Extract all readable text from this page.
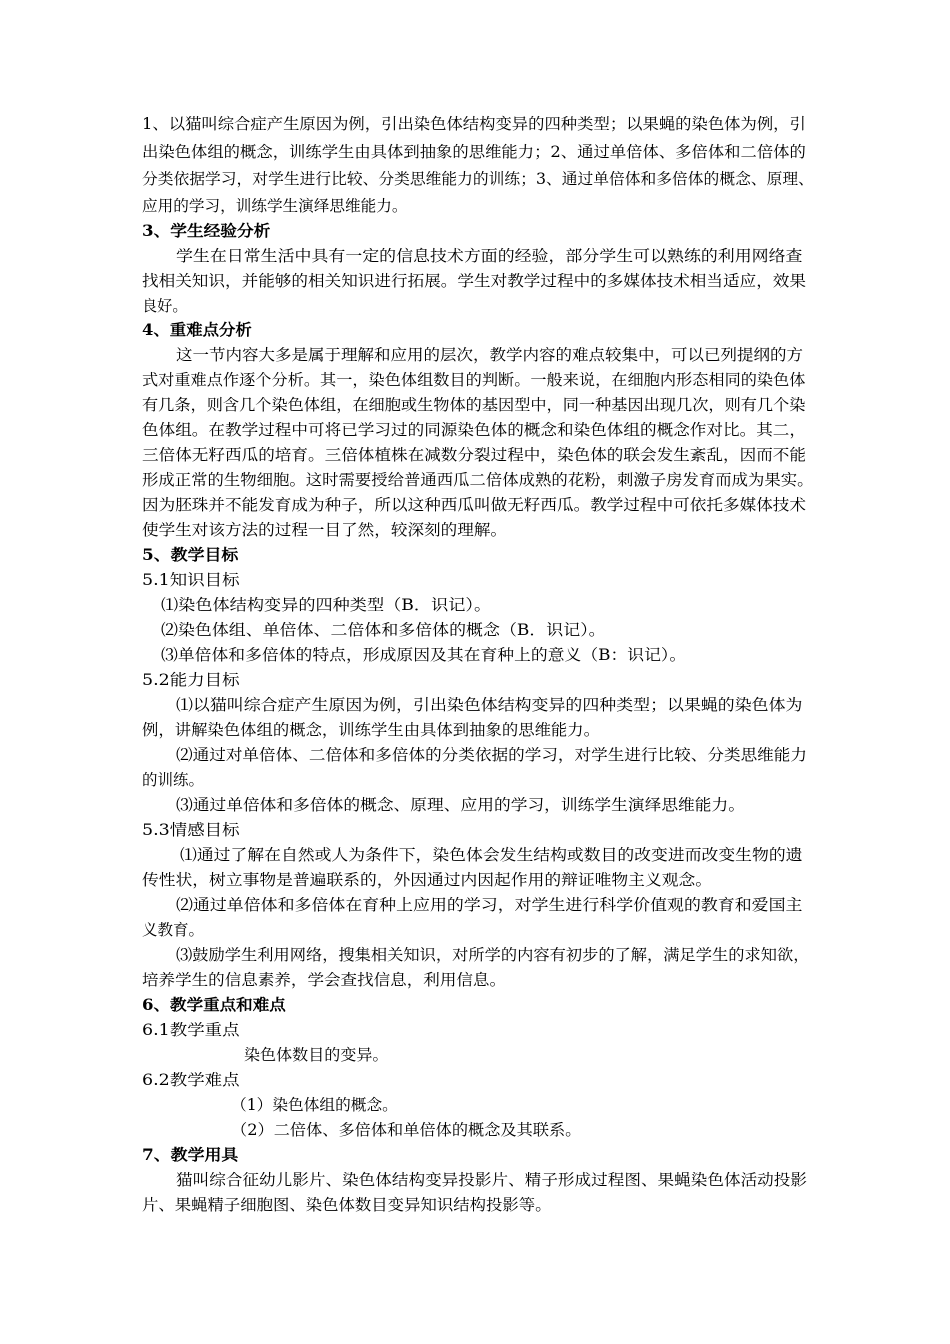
1、以猫叫综合症产生原因为例，引出染色体结构变异的四种类型；以果蝇的染色体为例，引
出染色体组的概念，训练学生由具体到抽象的思维能力；2、通过单倍体、多倍体和二倍体的
分类依据学习，对学生进行比较、分类思维能力的训练；3、通过单倍体和多倍体的概念、原理、
应用的学习，训练学生演绎思维能力。
3、学生经验分析
学生在日常生活中具有一定的信息技术方面的经验，部分学生可以熟练的利用网络查
找相关知识，并能够的相关知识进行拓展。学生对教学过程中的多媒体技术相当适应，效果
良好。
4、重难点分析
这一节内容大多是属于理解和应用的层次，教学内容的难点较集中，可以已列提纲的方
式对重难点作逐个分析。其一，染色体组数目的判断。一般来说，在细胞内形态相同的染色体
有几条，则含几个染色体组，在细胞或生物体的基因型中，同一种基因出现几次，则有几个染
色体组。在教学过程中可将已学习过的同源染色体的概念和染色体组的概念作对比。其二，
三倍体无籽西瓜的培育。三倍体植株在减数分裂过程中，染色体的联会发生紊乱，因而不能
形成正常的生物细胞。这时需要授给普通西瓜二倍体成熟的花粉，刺激子房发育而成为果实。
因为胚珠并不能发育成为种子，所以这种西瓜叫做无籽西瓜。教学过程中可依托多媒体技术
使学生对该方法的过程一目了然，较深刻的理解。
5、教学目标
5.1知识目标
⑴染色体结构变异的四种类型（B．识记）。
⑵染色体组、单倍体、二倍体和多倍体的概念（B．识记）。
⑶单倍体和多倍体的特点，形成原因及其在育种上的意义（B：识记）。
5.2能力目标
⑴以猫叫综合症产生原因为例，引出染色体结构变异的四种类型；以果蝇的染色体为
例，讲解染色体组的概念，训练学生由具体到抽象的思维能力。
⑵通过对单倍体、二倍体和多倍体的分类依据的学习，对学生进行比较、分类思维能力
的训练。
⑶通过单倍体和多倍体的概念、原理、应用的学习，训练学生演绎思维能力。
5.3情感目标
⑴通过了解在自然或人为条件下，染色体会发生结构或数目的改变进而改变生物的遗
传性状，树立事物是普遍联系的，外因通过内因起作用的辩证唯物主义观念。
⑵通过单倍体和多倍体在育种上应用的学习，对学生进行科学价值观的教育和爱国主
义教育。
⑶鼓励学生利用网络，搜集相关知识，对所学的内容有初步的了解，满足学生的求知欲，
培养学生的信息素养，学会查找信息，利用信息。
6、教学重点和难点
6.1教学重点
染色体数目的变异。
6.2教学难点
（1）染色体组的概念。
（2）二倍体、多倍体和单倍体的概念及其联系。
7、教学用具
猫叫综合征幼儿影片、染色体结构变异投影片、精子形成过程图、果蝇染色体活动投影
片、果蝇精子细胞图、染色体数目变异知识结构投影等。
